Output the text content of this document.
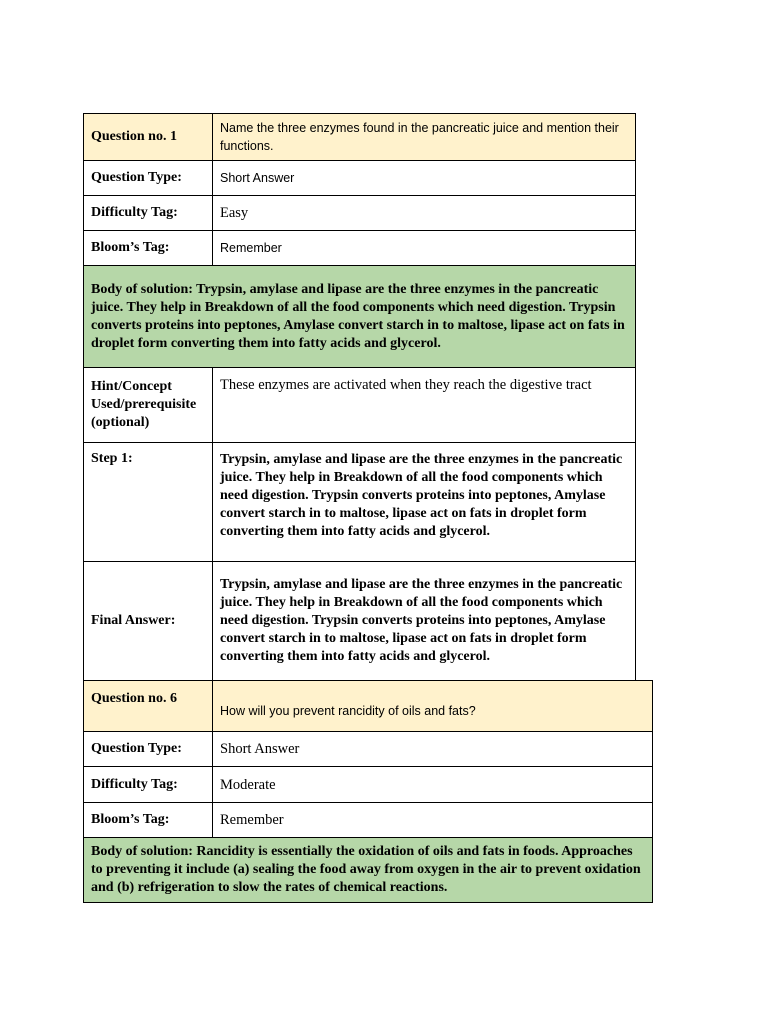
Question no. 1	Name the three enzymes found in the pancreatic juice and mention their functions.
Question Type:	Short Answer
Difficulty Tag:	Easy
Bloom’s Tag:	Remember
Body of solution: Trypsin, amylase and lipase are the three enzymes in the pancreatic juice. They help in Breakdown of all the food components which need digestion. Trypsin converts proteins into peptones, Amylase convert starch in to maltose, lipase act on fats in droplet form converting them into fatty acids and glycerol.	
Hint/Concept Used/prerequisite (optional)	These enzymes are activated when they reach the digestive tract
Step 1:	Trypsin, amylase and lipase are the three enzymes in the pancreatic juice. They help in Breakdown of all the food components which need digestion. Trypsin converts proteins into peptones, Amylase convert starch in to maltose, lipase act on fats in droplet form converting them into fatty acids and glycerol.
Final Answer:	Trypsin, amylase and lipase are the three enzymes in the pancreatic juice. They help in Breakdown of all the food components which need digestion. Trypsin converts proteins into peptones, Amylase convert starch in to maltose, lipase act on fats in droplet form converting them into fatty acids and glycerol.
Question no. 6	How will you prevent rancidity of oils and fats?
Question Type:	Short Answer
Difficulty Tag:	Moderate
Bloom’s Tag:	Remember
Body of solution: Rancidity is essentially the oxidation of oils and fats in foods. Approaches to preventing it include (a) sealing the food away from oxygen in the air to prevent oxidation and (b) refrigeration to slow the rates of chemical reactions.	
